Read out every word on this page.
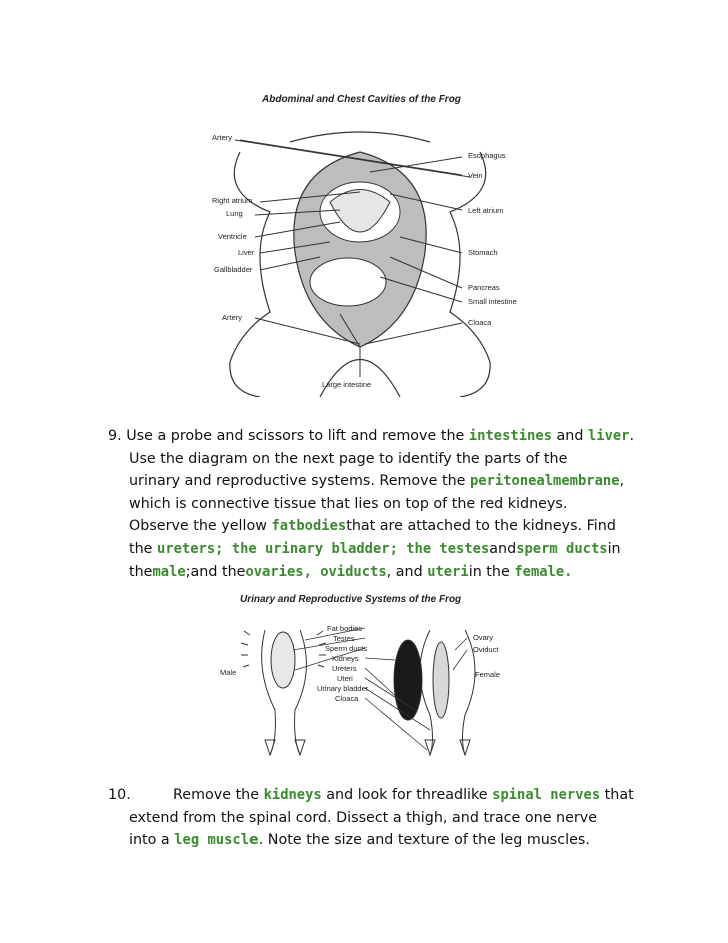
Abdominal and Chest Cavities of the Frog
Artery
Right atrium
Lung
Ventricle
Liver
Gallbladder
Artery
Esophagus
Vein
Left atrium
Stomach
Pancreas
Small intestine
Cloaca
Large intestine
9. Use a probe and scissors to lift and remove the intestines and liver.
Use the diagram on the next page to identify the parts of the
urinary and reproductive systems. Remove the peritonealmembrane,
which is connective tissue that lies on top of the red kidneys.
Observe the yellow fatbodiesthat are attached to the kidneys. Find
the ureters; the urinary bladder; the testesandsperm ductsin
themale;and theovaries, oviducts, and uteriin the female.
Urinary and Reproductive Systems of the Frog
Fat bodies
Testes
Sperm ducts
Kidneys
Ureters
Uteri
Urinary bladder
Cloaca
Male
Ovary
Oviduct
Female
10.	Remove the kidneys and look for threadlike spinal nerves that
extend from the spinal cord. Dissect a thigh, and trace one nerve
into a leg muscle. Note the size and texture of the leg muscles.
